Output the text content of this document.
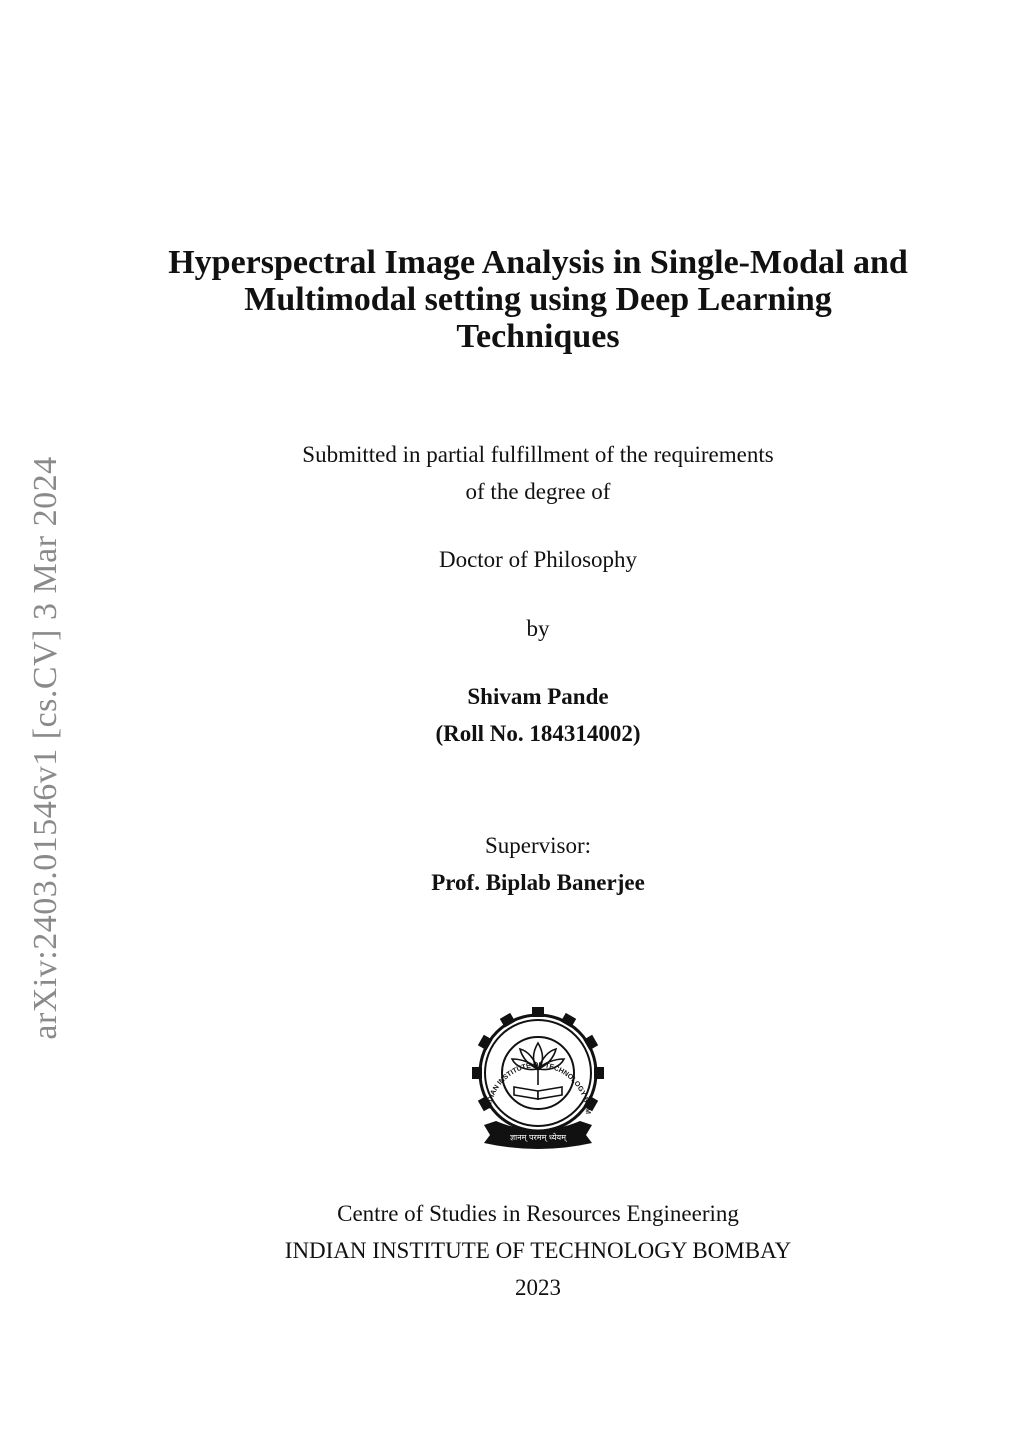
arXiv:2403.01546v1 [cs.CV] 3 Mar 2024
Hyperspectral Image Analysis in Single-Modal and
Multimodal setting using Deep Learning
Techniques

Submitted in partial fulfillment of the requirements

of the degree of

Doctor of Philosophy

by

Shivam Pande

(Roll No. 184314002)

Supervisor:

Prof. Biplab Banerjee

INDIAN INSTITUTE OF TECHNOLOGY BOM
ज्ञानम् परमम् ध्येयम्

Centre of Studies in Resources Engineering

INDIAN INSTITUTE OF TECHNOLOGY BOMBAY

2023
